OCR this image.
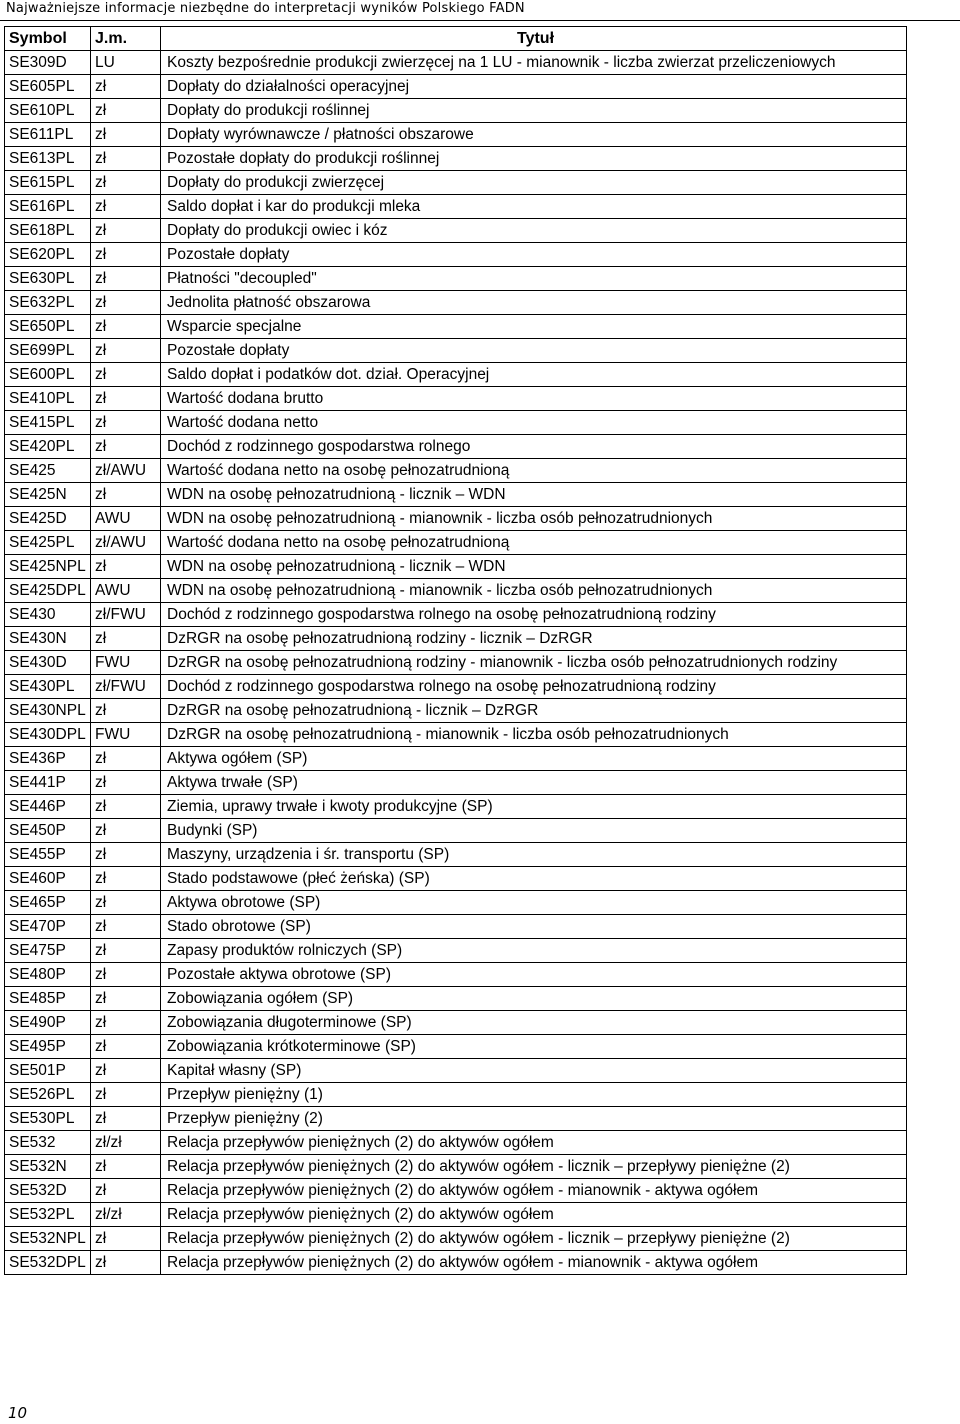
Najważniejsze informacje niezbędne do interpretacji wyników Polskiego FADN
Symbol	J.m.	Tytuł
SE309D	LU	Koszty bezpośrednie produkcji zwierzęcej na 1 LU - mianownik - liczba zwierzat przeliczeniowych
SE605PL	zł	Dopłaty do działalności operacyjnej
SE610PL	zł	Dopłaty do produkcji roślinnej
SE611PL	zł	Dopłaty wyrównawcze / płatności obszarowe
SE613PL	zł	Pozostałe dopłaty do produkcji roślinnej
SE615PL	zł	Dopłaty do produkcji zwierzęcej
SE616PL	zł	Saldo dopłat i kar do produkcji mleka
SE618PL	zł	Dopłaty do produkcji owiec i kóz
SE620PL	zł	Pozostałe dopłaty
SE630PL	zł	Płatności "decoupled"
SE632PL	zł	Jednolita płatność obszarowa
SE650PL	zł	Wsparcie specjalne
SE699PL	zł	Pozostałe dopłaty
SE600PL	zł	Saldo dopłat i podatków dot. dział. Operacyjnej
SE410PL	zł	Wartość dodana brutto
SE415PL	zł	Wartość dodana netto
SE420PL	zł	Dochód z rodzinnego gospodarstwa rolnego
SE425	zł/AWU	Wartość dodana netto na osobę pełnozatrudnioną
SE425N	zł	WDN na osobę pełnozatrudnioną - licznik – WDN
SE425D	AWU	WDN na osobę pełnozatrudnioną - mianownik - liczba osób pełnozatrudnionych
SE425PL	zł/AWU	Wartość dodana netto na osobę pełnozatrudnioną
SE425NPL	zł	WDN na osobę pełnozatrudnioną - licznik – WDN
SE425DPL	AWU	WDN na osobę pełnozatrudnioną - mianownik - liczba osób pełnozatrudnionych
SE430	zł/FWU	Dochód z rodzinnego gospodarstwa rolnego na osobę pełnozatrudnioną rodziny
SE430N	zł	DzRGR na osobę pełnozatrudnioną rodziny - licznik – DzRGR
SE430D	FWU	DzRGR na osobę pełnozatrudnioną rodziny - mianownik - liczba osób pełnozatrudnionych rodziny
SE430PL	zł/FWU	Dochód z rodzinnego gospodarstwa rolnego na osobę pełnozatrudnioną rodziny
SE430NPL	zł	DzRGR na osobę pełnozatrudnioną - licznik – DzRGR
SE430DPL	FWU	DzRGR na osobę pełnozatrudnioną - mianownik - liczba osób pełnozatrudnionych
SE436P	zł	Aktywa ogółem (SP)
SE441P	zł	Aktywa trwałe (SP)
SE446P	zł	Ziemia, uprawy trwałe i kwoty produkcyjne (SP)
SE450P	zł	Budynki (SP)
SE455P	zł	Maszyny, urządzenia i śr. transportu (SP)
SE460P	zł	Stado podstawowe (płeć żeńska) (SP)
SE465P	zł	Aktywa obrotowe (SP)
SE470P	zł	Stado obrotowe (SP)
SE475P	zł	Zapasy produktów rolniczych (SP)
SE480P	zł	Pozostałe aktywa obrotowe (SP)
SE485P	zł	Zobowiązania ogółem (SP)
SE490P	zł	Zobowiązania długoterminowe (SP)
SE495P	zł	Zobowiązania krótkoterminowe (SP)
SE501P	zł	Kapitał własny (SP)
SE526PL	zł	Przepływ pieniężny (1)
SE530PL	zł	Przepływ pieniężny (2)
SE532	zł/zł	Relacja przepływów pieniężnych (2) do aktywów ogółem
SE532N	zł	Relacja przepływów pieniężnych (2) do aktywów ogółem - licznik – przepływy pieniężne (2)
SE532D	zł	Relacja przepływów pieniężnych (2) do aktywów ogółem - mianownik - aktywa ogółem
SE532PL	zł/zł	Relacja przepływów pieniężnych (2) do aktywów ogółem
SE532NPL	zł	Relacja przepływów pieniężnych (2) do aktywów ogółem - licznik – przepływy pieniężne (2)
SE532DPL	zł	Relacja przepływów pieniężnych (2) do aktywów ogółem - mianownik - aktywa ogółem
10
